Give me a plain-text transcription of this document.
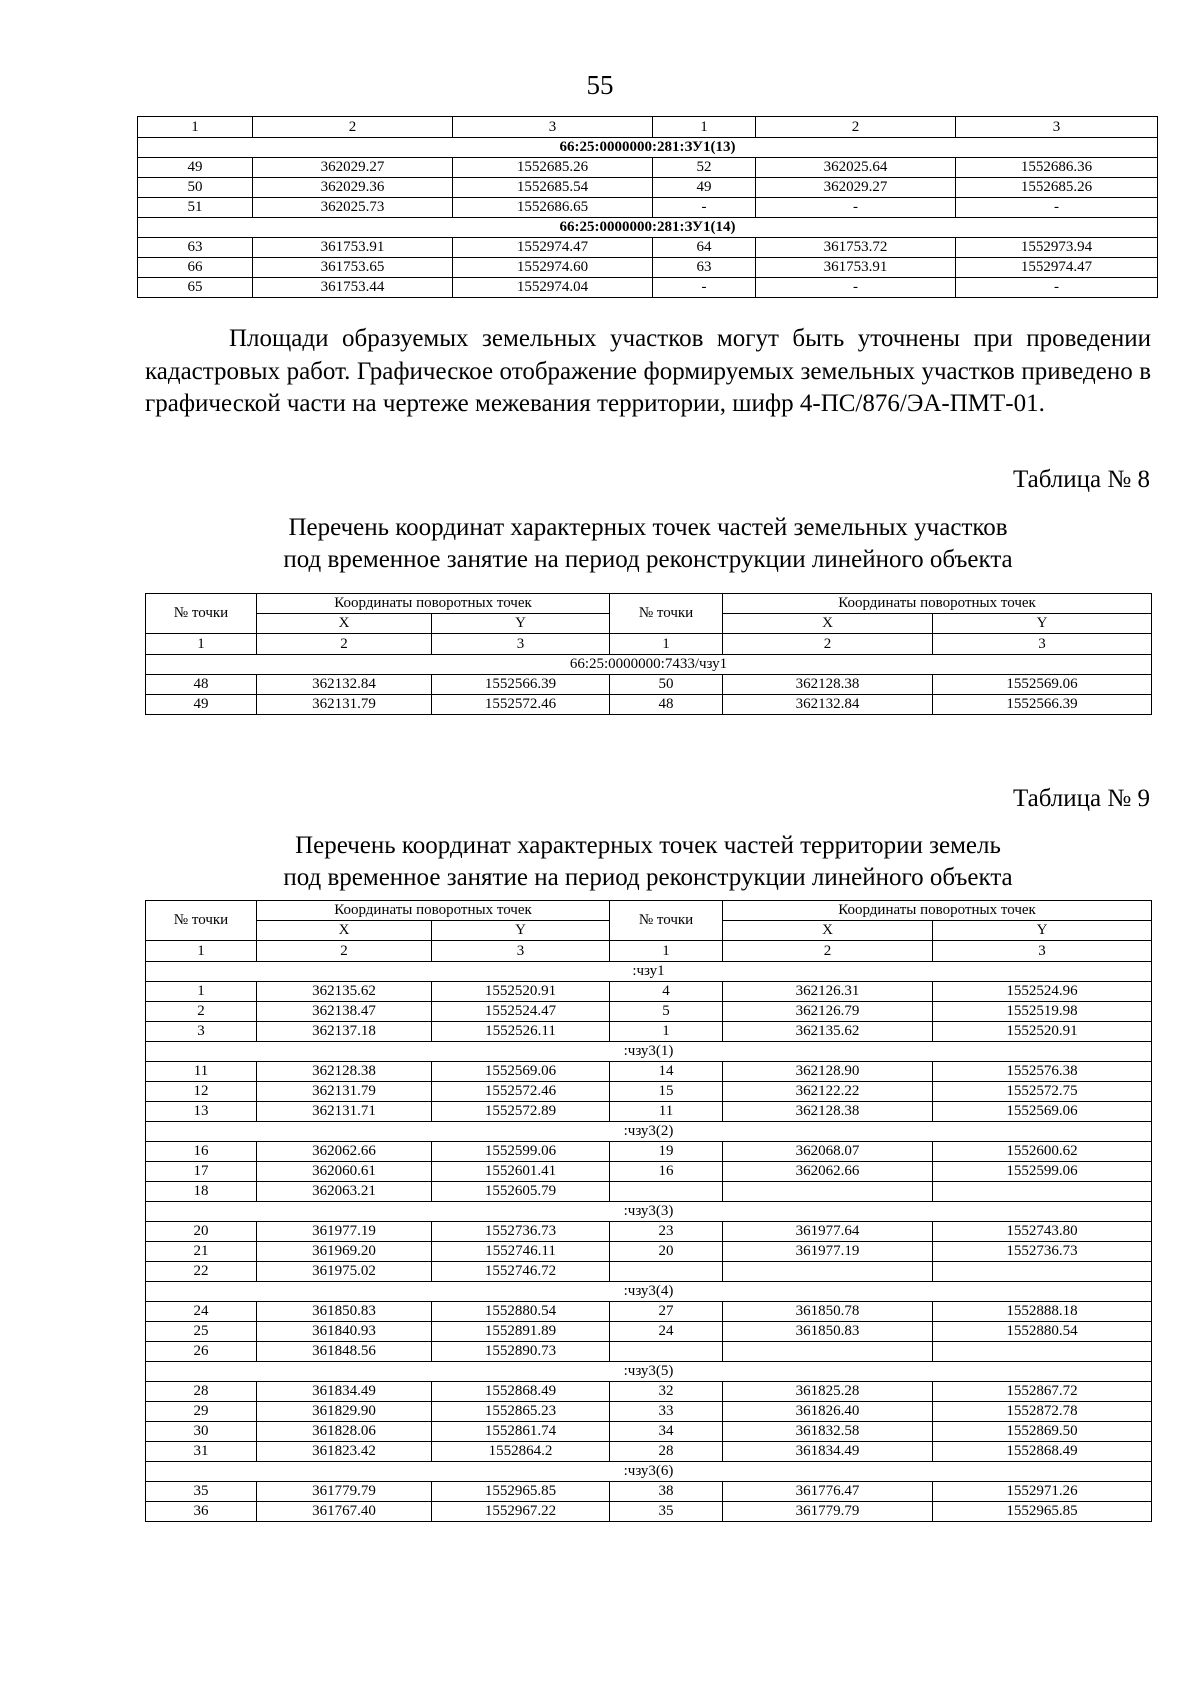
55
1	2	3	1	2	3
66:25:0000000:281:ЗУ1(13)					
49	362029.27	1552685.26	52	362025.64	1552686.36
50	362029.36	1552685.54	49	362029.27	1552685.26
51	362025.73	1552686.65	-	-	-
66:25:0000000:281:ЗУ1(14)					
63	361753.91	1552974.47	64	361753.72	1552973.94
66	361753.65	1552974.60	63	361753.91	1552974.47
65	361753.44	1552974.04	-	-	-

Площади образуемых земельных участков могут быть уточнены при проведении кадастровых работ. Графическое отображение формируемых земельных участков приведено в графической части на чертеже межевания территории, шифр 4-ПС/876/ЭА-ПМТ-01.

Таблица № 8
Перечень координат характерных точек частей земельных участков
под временное занятие на период реконструкции линейного объекта
№ точки	Координаты поворотных точек		№ точки	Координаты поворотных точек	
	X	Y		X	Y
1	2	3	1	2	3
66:25:0000000:7433/чзу1					
48	362132.84	1552566.39	50	362128.38	1552569.06
49	362131.79	1552572.46	48	362132.84	1552566.39
Таблица № 9
Перечень координат характерных точек частей территории земель
под временное занятие на период реконструкции линейного объекта
№ точки	Координаты поворотных точек		№ точки	Координаты поворотных точек	
	X	Y		X	Y
1	2	3	1	2	3
:чзу1					
1	362135.62	1552520.91	4	362126.31	1552524.96
2	362138.47	1552524.47	5	362126.79	1552519.98
3	362137.18	1552526.11	1	362135.62	1552520.91
:чзу3(1)					
11	362128.38	1552569.06	14	362128.90	1552576.38
12	362131.79	1552572.46	15	362122.22	1552572.75
13	362131.71	1552572.89	11	362128.38	1552569.06
:чзу3(2)					
16	362062.66	1552599.06	19	362068.07	1552600.62
17	362060.61	1552601.41	16	362062.66	1552599.06
18	362063.21	1552605.79			
:чзу3(3)					
20	361977.19	1552736.73	23	361977.64	1552743.80
21	361969.20	1552746.11	20	361977.19	1552736.73
22	361975.02	1552746.72			
:чзу3(4)					
24	361850.83	1552880.54	27	361850.78	1552888.18
25	361840.93	1552891.89	24	361850.83	1552880.54
26	361848.56	1552890.73			
:чзу3(5)					
28	361834.49	1552868.49	32	361825.28	1552867.72
29	361829.90	1552865.23	33	361826.40	1552872.78
30	361828.06	1552861.74	34	361832.58	1552869.50
31	361823.42	1552864.2	28	361834.49	1552868.49
:чзу3(6)					
35	361779.79	1552965.85	38	361776.47	1552971.26
36	361767.40	1552967.22	35	361779.79	1552965.85
